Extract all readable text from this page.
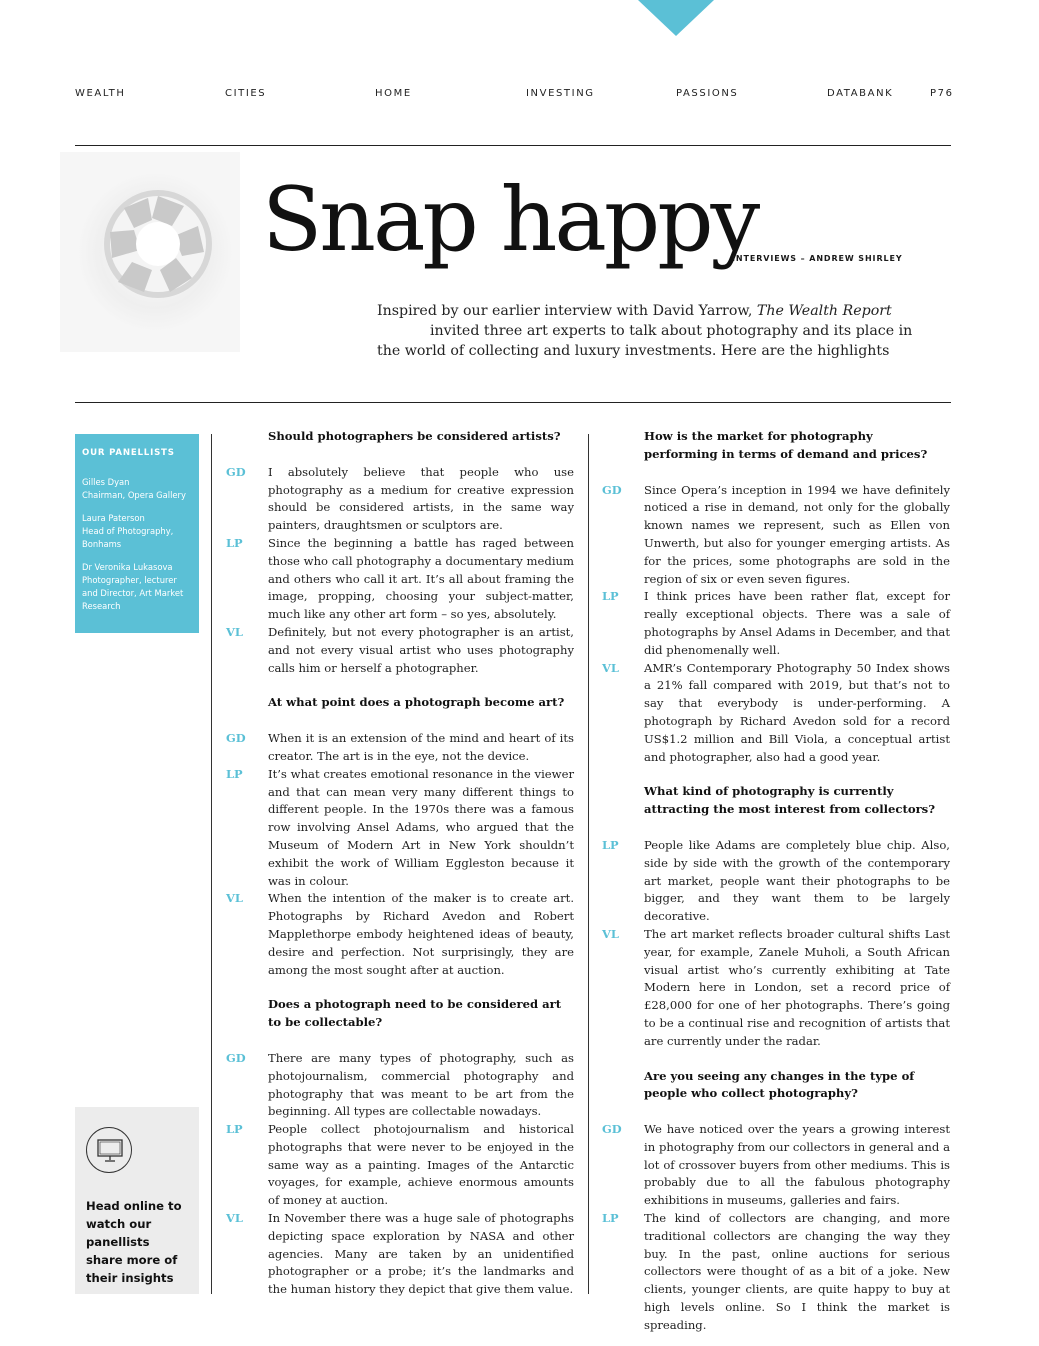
WEALTH	CITIES	HOME	INVESTING	PASSIONS	DATABANK	P76
Snap happy
INTERVIEWS – ANDREW SHIRLEY
Inspired by our earlier interview with David Yarrow, The Wealth Report
invited three art experts to talk about photography and its place in
the world of collecting and luxury investments. Here are the highlights
OUR PANELLISTS
Gilles Dyan
Chairman, Opera Gallery
Laura Paterson
Head of Photography, Bonhams
Dr Veronika Lukasova
Photographer, lecturer and Director, Art Market Research
Head online to watch our panellists share more of their insights
Should photographers be considered artists?
GD I absolutely believe that people who use photography as a medium for creative expression should be considered artists, in the same way painters, draughtsmen or sculptors are.
LP Since the beginning a battle has raged between those who call photography a documentary medium and others who call it art. It’s all about framing the image, propping, choosing your subject-matter, much like any other art form – so yes, absolutely.
VL Definitely, but not every photographer is an artist, and not every visual artist who uses photography calls him or herself a photographer.
At what point does a photograph become art?
GD When it is an extension of the mind and heart of its creator. The art is in the eye, not the device.
LP It’s what creates emotional resonance in the viewer and that can mean very many different things to different people. In the 1970s there was a famous row involving Ansel Adams, who argued that the Museum of Modern Art in New York shouldn’t exhibit the work of William Eggleston because it was in colour.
VL When the intention of the maker is to create art. Photographs by Richard Avedon and Robert Mapplethorpe embody heightened ideas of beauty, desire and perfection. Not surprisingly, they are among the most sought after at auction.
Does a photograph need to be considered art to be collectable?
GD There are many types of photography, such as photojournalism, commercial photography and photography that was meant to be art from the beginning. All types are collectable nowadays.
LP People collect photojournalism and historical photographs that were never to be enjoyed in the same way as a painting. Images of the Antarctic voyages, for example, achieve enormous amounts of money at auction.
VL In November there was a huge sale of photographs depicting space exploration by NASA and other agencies. Many are taken by an unidentified photographer or a probe; it’s the landmarks and the human history they depict that give them value.
How is the market for photography performing in terms of demand and prices?
GD Since Opera’s inception in 1994 we have definitely noticed a rise in demand, not only for the globally known names we represent, such as Ellen von Unwerth, but also for younger emerging artists. As for the prices, some photographs are sold in the region of six or even seven figures.
LP I think prices have been rather flat, except for really exceptional objects. There was a sale of photographs by Ansel Adams in December, and that did phenomenally well.
VL AMR’s Contemporary Photography 50 Index shows a 21% fall compared with 2019, but that’s not to say that everybody is under-performing. A photograph by Richard Avedon sold for a record US$1.2 million and Bill Viola, a conceptual artist and photographer, also had a good year.
What kind of photography is currently attracting the most interest from collectors?
LP People like Adams are completely blue chip. Also, side by side with the growth of the contemporary art market, people want their photographs to be bigger, and they want them to be largely decorative.
VL The art market reflects broader cultural shifts Last year, for example, Zanele Muholi, a South African visual artist who’s currently exhibiting at Tate Modern here in London, set a record price of £28,000 for one of her photographs. There’s going to be a continual rise and recognition of artists that are currently under the radar.
Are you seeing any changes in the type of people who collect photography?
GD We have noticed over the years a growing interest in photography from our collectors in general and a lot of crossover buyers from other mediums. This is probably due to all the fabulous photography exhibitions in museums, galleries and fairs.
LP The kind of collectors are changing, and more traditional collectors are changing the way they buy. In the past, online auctions for serious collectors were thought of as a bit of a joke. New clients, younger clients, are quite happy to buy at high levels online. So I think the market is spreading.
